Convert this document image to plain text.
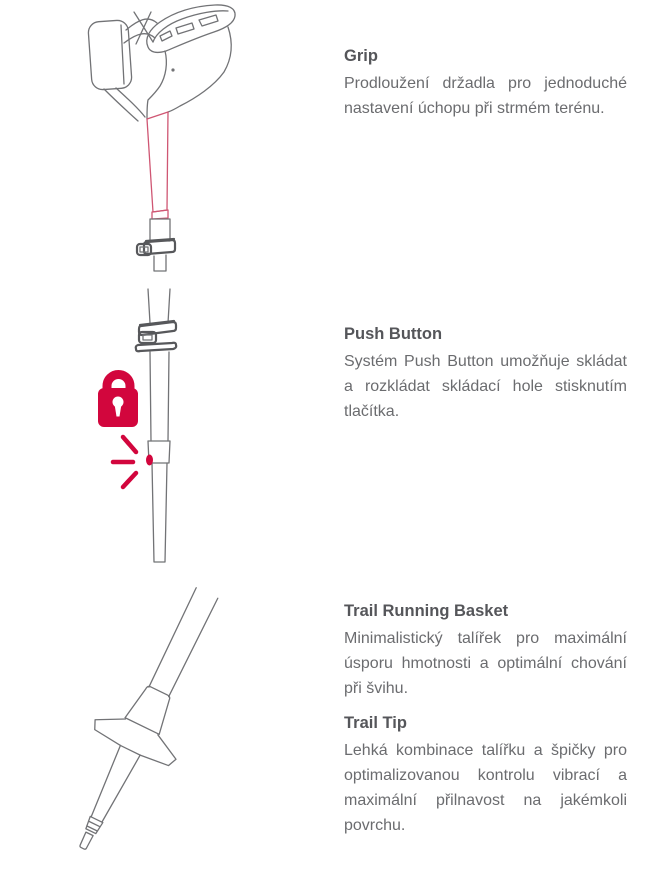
Grip
Prodloužení držadla pro jednoduché
nastavení úchopu při strmém terénu.
Push Button
Systém Push Button umožňuje skládat
a rozkládat skládací hole stisknutím
tlačítka.
Trail Running Basket
Minimalistický talířek pro maximální
úsporu hmotnosti a optimální chování
při švihu.
Trail Tip
Lehká kombinace talířku a špičky pro
optimalizovanou kontrolu vibrací a
maximální přilnavost na jakémkoli
povrchu.
